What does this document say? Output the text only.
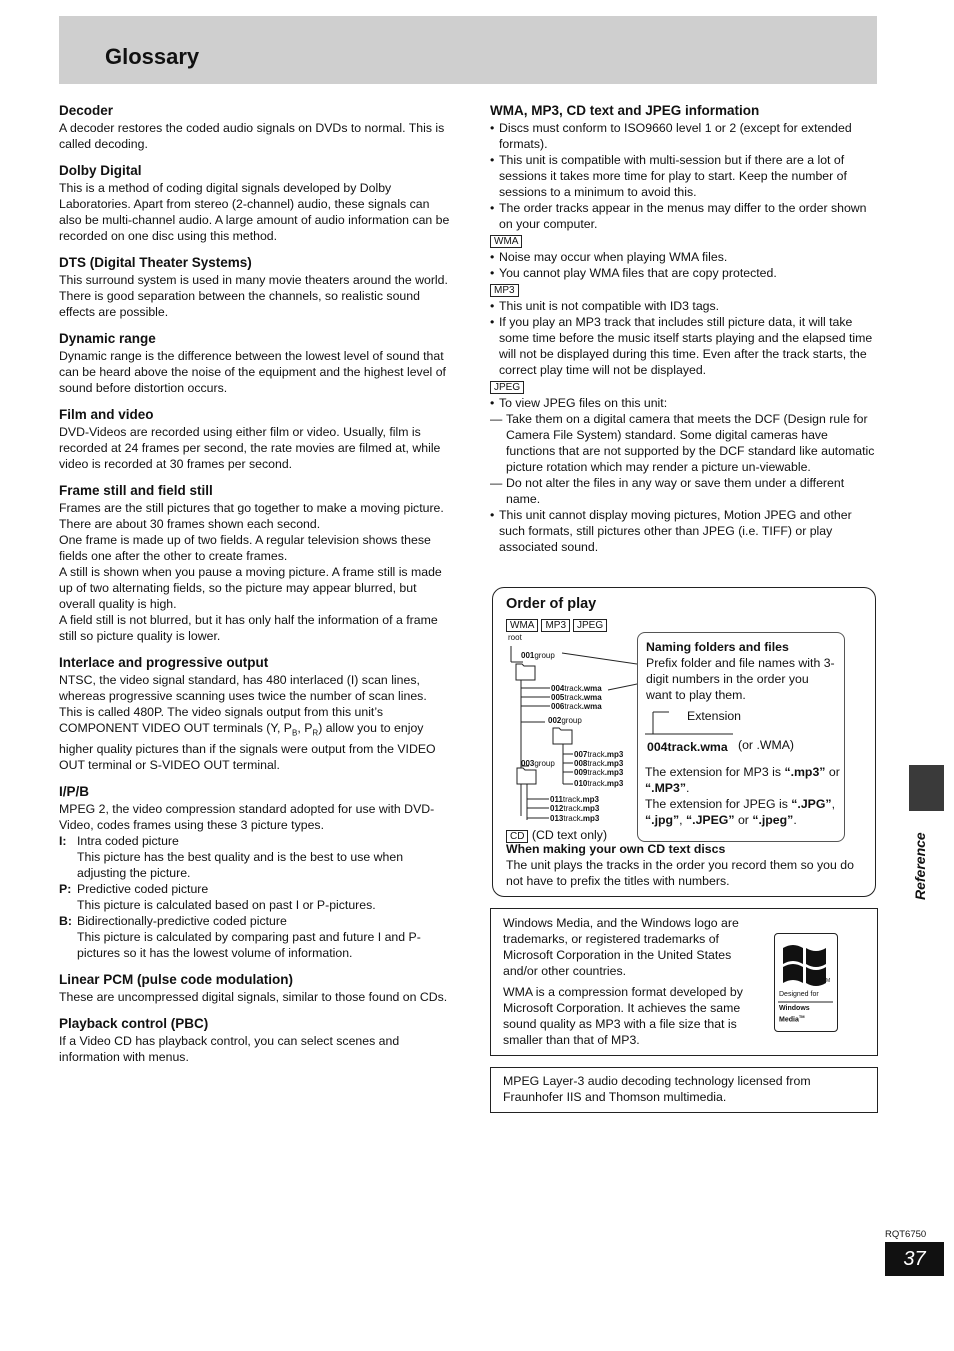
Glossary
Decoder

A decoder restores the coded audio signals on DVDs to normal. This is called decoding.

Dolby Digital

This is a method of coding digital signals developed by Dolby Laboratories. Apart from stereo (2-channel) audio, these signals can also be multi-channel audio. A large amount of audio information can be recorded on one disc using this method.

DTS (Digital Theater Systems)

This surround system is used in many movie theaters around the world. There is good separation between the channels, so realistic sound effects are possible.

Dynamic range

Dynamic range is the difference between the lowest level of sound that can be heard above the noise of the equipment and the highest level of sound before distortion occurs.

Film and video

DVD-Videos are recorded using either film or video. Usually, film is recorded at 24 frames per second, the rate movies are filmed at, while video is recorded at 30 frames per second.

Frame still and field still

Frames are the still pictures that go together to make a moving picture. There are about 30 frames shown each second.

One frame is made up of two fields. A regular television shows these fields one after the other to create frames.

A still is shown when you pause a moving picture. A frame still is made up of two alternating fields, so the picture may appear blurred, but overall quality is high.

A field still is not blurred, but it has only half the information of a frame still so picture quality is lower.

Interlace and progressive output

NTSC, the video signal standard, has 480 interlaced (I) scan lines, whereas progressive scanning uses twice the number of scan lines. This is called 480P. The video signals output from this unit’s COMPONENT VIDEO OUT terminals (Y, $P_B$, $P_R$) allow you to enjoy higher quality pictures than if the signals were output from the VIDEO OUT terminal or S-VIDEO OUT terminal.

I/P/B

MPEG 2, the video compression standard adopted for use with DVD-Video, codes frames using these 3 picture types.

I: Intra coded picture

This picture has the best quality and is the best to use when adjusting the picture.

P: Predictive coded picture

This picture is calculated based on past I or P-pictures.

B: Bidirectionally-predictive coded picture

This picture is calculated by comparing past and future I and P-pictures so it has the lowest volume of information.

Linear PCM (pulse code modulation)

These are uncompressed digital signals, similar to those found on CDs.

Playback control (PBC)

If a Video CD has playback control, you can select scenes and information with menus.

WMA, MP3, CD text and JPEG information
• Discs must conform to ISO9660 level 1 or 2 (except for extended formats).
• This unit is compatible with multi-session but if there are a lot of sessions it takes more time for play to start. Keep the number of sessions to a minimum to avoid this.
• The order tracks appear in the menus may differ to the order shown on your computer.
WMA
• Noise may occur when playing WMA files.
• You cannot play WMA files that are copy protected.
MP3
• This unit is not compatible with ID3 tags.
• If you play an MP3 track that includes still picture data, it will take some time before the music itself starts playing and the elapsed time will not be displayed during this time. Even after the track starts, the correct play time will not be displayed.
JPEG
• To view JPEG files on this unit:
— Take them on a digital camera that meets the DCF (Design rule for Camera File System) standard. Some digital cameras have functions that are not supported by the DCF standard like automatic picture rotation which may render a picture un-viewable.
— Do not alter the files in any way or save them under a different name.
• This unit cannot display moving pictures, Motion JPEG and other such formats, still pictures other than JPEG (i.e. TIFF) or play associated sound.
Order of play
WMA MP3 JPEG
root
001group
004track.wma
005track.wma
006track.wma
002group
007track.mp3
008track.mp3
003group
009track.mp3
010track.mp3
011track.mp3
012track.mp3
013track.mp3
Naming folders and files
Prefix folder and file names with 3-digit numbers in the order you want to play them.
Extension
004track.wma (or .WMA)
The extension for MP3 is “.mp3” or “.MP3”.
The extension for JPEG is “.JPG”, “.jpg”, “.JPEG” or “.jpeg”.
CD (CD text only)
When making your own CD text discs
The unit plays the tracks in the order you record them so you do not have to prefix the titles with numbers.

Windows Media, and the Windows logo are trademarks, or registered trademarks of Microsoft Corporation in the United States and/or other countries.

WMA is a compression format developed by Microsoft Corporation. It achieves the same sound quality as MP3 with a file size that is smaller than that of MP3.

TM
Designed for
Windows
Media™
MPEG Layer-3 audio decoding technology licensed from Fraunhofer IIS and Thomson multimedia.
Reference
RQT6750
37
